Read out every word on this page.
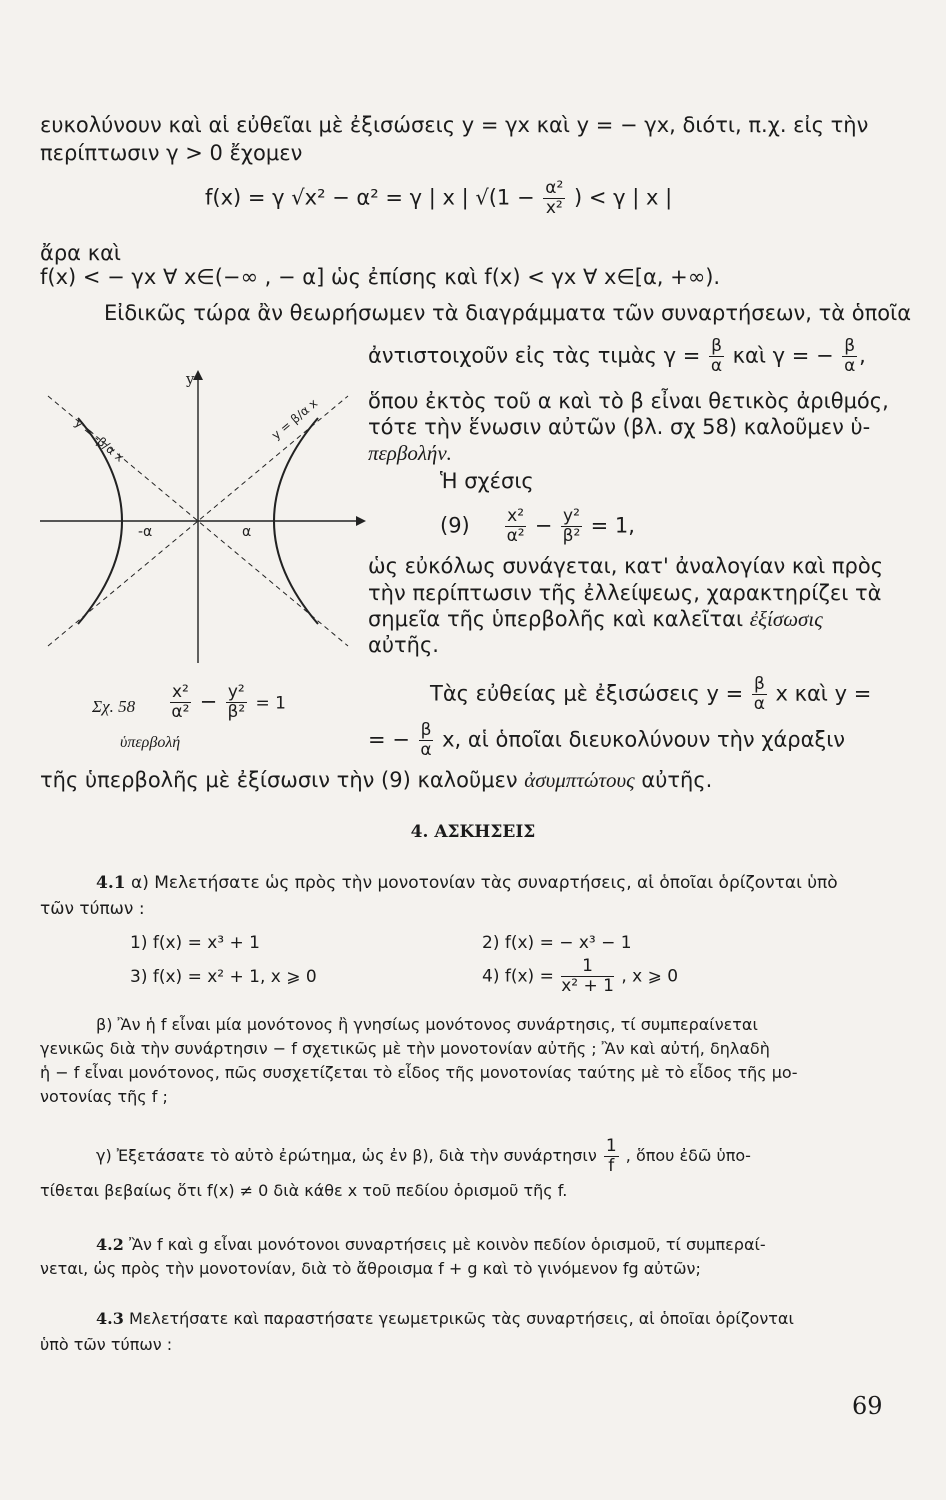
ευκολύνουν καὶ αἱ εὐθεῖαι μὲ ἐξισώσεις y = γx καὶ y = − γx, διότι, π.χ. εἰς τὴν
περίπτωσιν γ > 0 ἔχομεν
f(x) = γ √x² − α² = γ | x | $√(1 - \frac{\text{α²}}{\text{x²}}$ ) < γ | x |
ἄρα καὶ
f(x) < − γx ∀ x∈(−∞ , − α] ὡς ἐπίσης καὶ f(x) < γx ∀ x∈[α, +∞).
Εἰδικῶς τώρα ἂν θεωρήσωμεν τὰ διαγράμματα τῶν συναρτήσεων, τὰ ὁποῖα
ἀντιστοιχοῦν εἰς τὰς τιμὰς $\gamma = \frac{\beta}{\alpha}$ καὶ γ = − $\frac{\beta}{\alpha}$ ,
ὅπου ἐκτὸς τοῦ α καὶ τὸ β εἶναι θετικὸς ἀριθμός,
τότε τὴν ἕνωσιν αὐτῶν (βλ. σχ 58) καλοῦμεν ὑ-
περβολήν.
Ἡ σχέσις
$(9) \frac{\text{x²}}{\text{α²}} - \frac{\text{y²}}{\text{β²}} = 1$,
ὡς εὐκόλως συνάγεται, κατ' ἀναλογίαν καὶ πρὸς
τὴν περίπτωσιν τῆς ἐλλείψεως, χαρακτηρίζει τὰ
σημεῖα τῆς ὑπερβολῆς καὶ καλεῖται ἐξίσωσις
αὐτῆς.
Τὰς εὐθείας μὲ ἐξισώσεις $y = \frac{\beta}{\alpha}$ x καὶ y =
= − $\frac{\beta}{\alpha} x$, αἱ ὁποῖαι διευκολύνουν τὴν χάραξιν
y
-α	α
y = β/α x
y = -β/α x
Σχ. $58 \frac{\text{x²}}{\text{α²}} - \frac{\text{y²}}{\text{β²}} = 1$
ὑπερβολή
τῆς ὑπερβολῆς μὲ ἐξίσωσιν τὴν (9) καλοῦμεν ἀσυμπτώτους αὐτῆς.
4. ΑΣΚΗΣΕΙΣ
4.1 α) Μελετήσατε ὡς πρὸς τὴν μονοτονίαν τὰς συναρτήσεις, αἱ ὁποῖαι ὁρίζονται ὑπὸ
τῶν τύπων :
1) f(x) = x³ + 1	2) f(x) = − x³ − 1
3) f(x) = x² + 1, x ⩾ 0	4) $f(x) = \frac{1}{\text{x² + 1}}$ , x ⩾ 0
β) Ἂν ἡ f εἶναι μία μονότονος ἢ γνησίως μονότονος συνάρτησις, τί συμπεραίνεται
γενικῶς διὰ τὴν συνάρτησιν − f σχετικῶς μὲ τὴν μονοτονίαν αὐτῆς ; Ἂν καὶ αὐτή, δηλαδὴ
ἡ − f εἶναι μονότονος, πῶς συσχετίζεται τὸ εἶδος τῆς μονοτονίας ταύτης μὲ τὸ εἶδος τῆς μο-
νοτονίας τῆς f ;
γ) Ἐξετάσατε τὸ αὐτὸ ἐρώτημα, ὡς ἐν β), διὰ τὴν συνάρτησιν $\frac{1}{f}$ , ὅπου ἐδῶ ὑπο-
τίθεται βεβαίως ὅτι f(x) ≠ 0 διὰ κάθε x τοῦ πεδίου ὁρισμοῦ τῆς f.
4.2 Ἂν f καὶ g εἶναι μονότονοι συναρτήσεις μὲ κοινὸν πεδίον ὁρισμοῦ, τί συμπεραί-
νεται, ὡς πρὸς τὴν μονοτονίαν, διὰ τὸ ἄθροισμα f + g καὶ τὸ γινόμενον fg αὐτῶν;
4.3 Μελετήσατε καὶ παραστήσατε γεωμετρικῶς τὰς συναρτήσεις, αἱ ὁποῖαι ὁρίζονται
ὑπὸ τῶν τύπων :
69
